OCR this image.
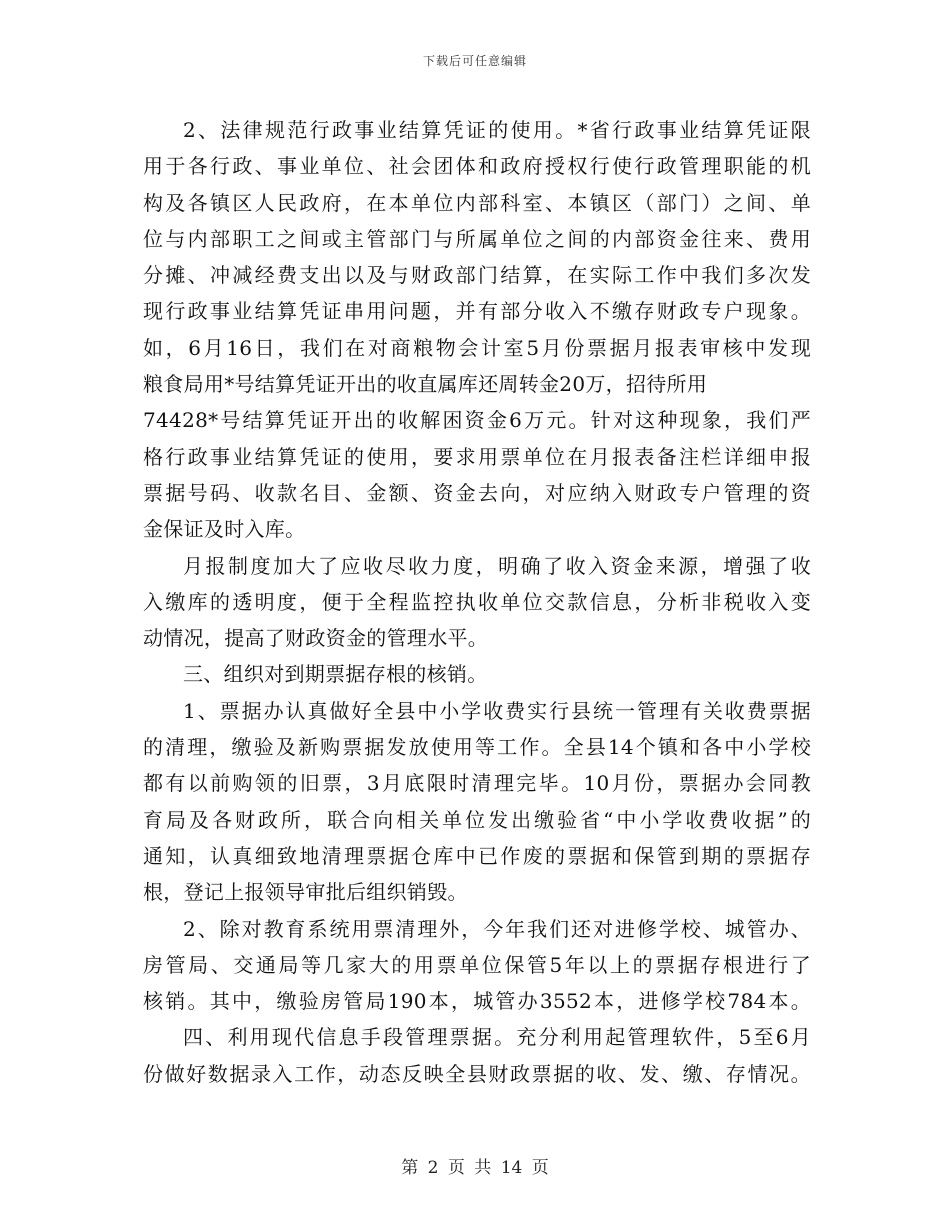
下载后可任意编辑
2、法律规范行政事业结算凭证的使用。*省行政事业结算凭证限
用于各行政、事业单位、社会团体和政府授权行使行政管理职能的机
构及各镇区人民政府，在本单位内部科室、本镇区（部门）之间、单
位与内部职工之间或主管部门与所属单位之间的内部资金往来、费用
分摊、冲减经费支出以及与财政部门结算，在实际工作中我们多次发
现行政事业结算凭证串用问题，并有部分收入不缴存财政专户现象。
如，6月16日，我们在对商粮物会计室5月份票据月报表审核中发现
粮食局用*号结算凭证开出的收直属库还周转金20万，招待所用
74428*号结算凭证开出的收解困资金6万元。针对这种现象，我们严
格行政事业结算凭证的使用，要求用票单位在月报表备注栏详细申报
票据号码、收款名目、金额、资金去向，对应纳入财政专户管理的资
金保证及时入库。
月报制度加大了应收尽收力度，明确了收入资金来源，增强了收
入缴库的透明度，便于全程监控执收单位交款信息，分析非税收入变
动情况，提高了财政资金的管理水平。
三、组织对到期票据存根的核销。
1、票据办认真做好全县中小学收费实行县统一管理有关收费票据
的清理，缴验及新购票据发放使用等工作。全县14个镇和各中小学校
都有以前购领的旧票，3月底限时清理完毕。10月份，票据办会同教
育局及各财政所，联合向相关单位发出缴验省“中小学收费收据”的
通知，认真细致地清理票据仓库中已作废的票据和保管到期的票据存
根，登记上报领导审批后组织销毁。
2、除对教育系统用票清理外，今年我们还对进修学校、城管办、
房管局、交通局等几家大的用票单位保管5年以上的票据存根进行了
核销。其中，缴验房管局190本，城管办3552本，进修学校784本。
四、利用现代信息手段管理票据。充分利用起管理软件，5至6月
份做好数据录入工作，动态反映全县财政票据的收、发、缴、存情况。
第 2 页 共 14 页
